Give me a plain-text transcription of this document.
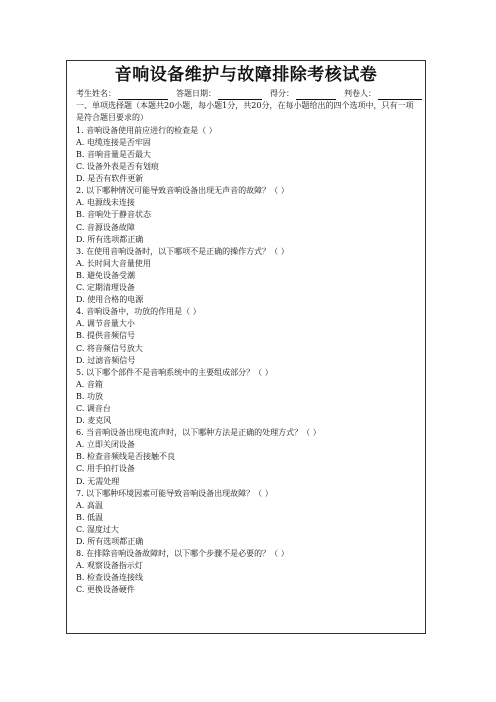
音响设备维护与故障排除考核试卷
考生姓名：	答题日期：	得分：	判卷人：
一、单项选择题（本题共20小题，每小题1分，共20分，在每小题给出的四个选项中，只有一项是符合题目要求的）
1. 音响设备使用前应进行的检查是（ ）
A. 电缆连接是否牢固
B. 音响音量是否最大
C. 设备外表是否有划痕
D. 是否有软件更新
2. 以下哪种情况可能导致音响设备出现无声音的故障？（ ）
A. 电源线未连接
B. 音响处于静音状态
C. 音源设备故障
D. 所有选项都正确
3. 在使用音响设备时，以下哪项不是正确的操作方式？（ ）
A. 长时间大音量使用
B. 避免设备受潮
C. 定期清理设备
D. 使用合格的电源
4. 音响设备中，功放的作用是（ ）
A. 调节音量大小
B. 提供音频信号
C. 将音频信号放大
D. 过滤音频信号
5. 以下哪个部件不是音响系统中的主要组成部分？（ ）
A. 音箱
B. 功放
C. 调音台
D. 麦克风
6. 当音响设备出现电流声时，以下哪种方法是正确的处理方式？（ ）
A. 立即关闭设备
B. 检查音频线是否接触不良
C. 用手拍打设备
D. 无需处理
7. 以下哪种环境因素可能导致音响设备出现故障？（ ）
A. 高温
B. 低温
C. 湿度过大
D. 所有选项都正确
8. 在排除音响设备故障时，以下哪个步骤不是必要的？（ ）
A. 观察设备指示灯
B. 检查设备连接线
C. 更换设备硬件
